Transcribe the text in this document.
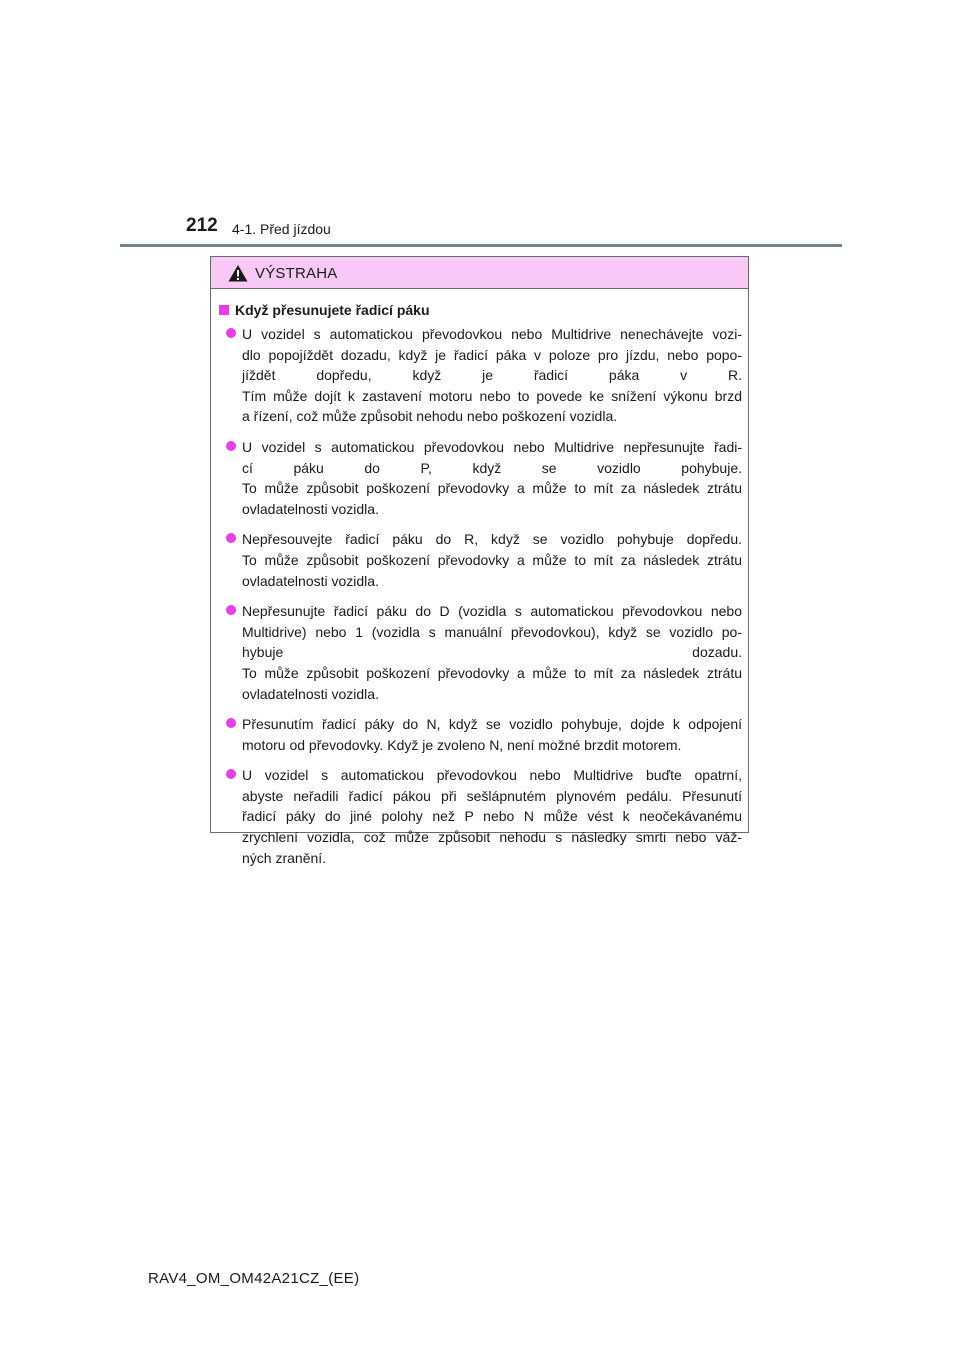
212 4-1. Před jízdou
VÝSTRAHA
Když přesunujete řadicí páku
U vozidel s automatickou převodovkou nebo Multidrive nenechávejte vozi-
dlo popojíždět dozadu, když je řadicí páka v poloze pro jízdu, nebo popo-
jíždět dopředu, když je řadicí páka v R.
Tím může dojít k zastavení motoru nebo to povede ke snížení výkonu brzd
a řízení, což může způsobit nehodu nebo poškození vozidla.
U vozidel s automatickou převodovkou nebo Multidrive nepřesunujte řadi-
cí páku do P, když se vozidlo pohybuje.
To může způsobit poškození převodovky a může to mít za následek ztrátu
ovladatelnosti vozidla.
Nepřesouvejte řadicí páku do R, když se vozidlo pohybuje dopředu.
To může způsobit poškození převodovky a může to mít za následek ztrátu
ovladatelnosti vozidla.
Nepřesunujte řadicí páku do D (vozidla s automatickou převodovkou nebo
Multidrive) nebo 1 (vozidla s manuální převodovkou), když se vozidlo po-
hybuje dozadu.
To může způsobit poškození převodovky a může to mít za následek ztrátu
ovladatelnosti vozidla.
Přesunutím řadicí páky do N, když se vozidlo pohybuje, dojde k odpojení
motoru od převodovky. Když je zvoleno N, není možné brzdit motorem.
U vozidel s automatickou převodovkou nebo Multidrive buďte opatrní,
abyste neřadili řadicí pákou při sešlápnutém plynovém pedálu. Přesunutí
řadicí páky do jiné polohy než P nebo N může vést k neočekávanému
zrychlení vozidla, což může způsobit nehodu s následky smrti nebo váž-
ných zranění.
RAV4_OM_OM42A21CZ_(EE)
